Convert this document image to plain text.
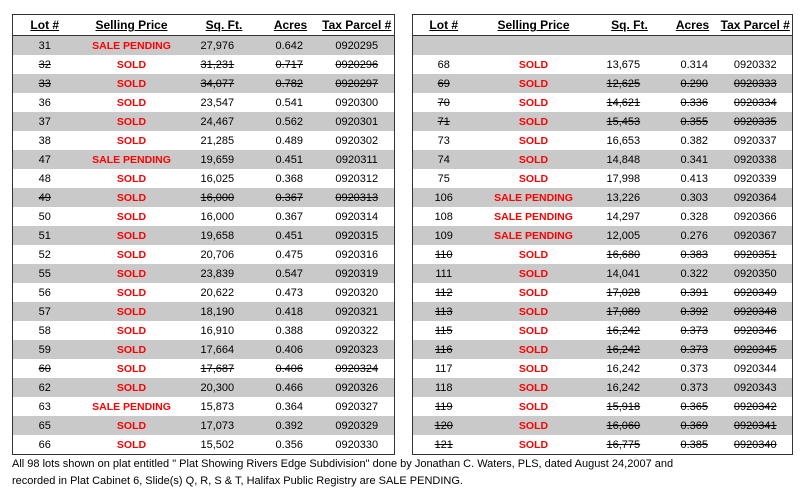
Lot #	Selling Price	Sq. Ft.	Acres	Tax Parcel #
31	SALE PENDING	27,976	0.642	0920295
32	SOLD	31,231	0.717	0920296
33	SOLD	34,077	0.782	0920297
36	SOLD	23,547	0.541	0920300
37	SOLD	24,467	0.562	0920301
38	SOLD	21,285	0.489	0920302
47	SALE PENDING	19,659	0.451	0920311
48	SOLD	16,025	0.368	0920312
49	SOLD	16,000	0.367	0920313
50	SOLD	16,000	0.367	0920314
51	SOLD	19,658	0.451	0920315
52	SOLD	20,706	0.475	0920316
55	SOLD	23,839	0.547	0920319
56	SOLD	20,622	0.473	0920320
57	SOLD	18,190	0.418	0920321
58	SOLD	16,910	0.388	0920322
59	SOLD	17,664	0.406	0920323
60	SOLD	17,687	0.406	0920324
62	SOLD	20,300	0.466	0920326
63	SALE PENDING	15,873	0.364	0920327
65	SOLD	17,073	0.392	0920329
66	SOLD	15,502	0.356	0920330
Lot #	Selling Price	Sq. Ft.	Acres	Tax Parcel #

68	SOLD	13,675	0.314	0920332
69	SOLD	12,625	0.290	0920333
70	SOLD	14,621	0.336	0920334
71	SOLD	15,453	0.355	0920335
73	SOLD	16,653	0.382	0920337
74	SOLD	14,848	0.341	0920338
75	SOLD	17,998	0.413	0920339
106	SALE PENDING	13,226	0.303	0920364
108	SALE PENDING	14,297	0.328	0920366
109	SALE PENDING	12,005	0.276	0920367
110	SOLD	16,680	0.383	0920351
111	SOLD	14,041	0.322	0920350
112	SOLD	17,028	0.391	0920349
113	SOLD	17,089	0.392	0920348
115	SOLD	16,242	0.373	0920346
116	SOLD	16,242	0.373	0920345
117	SOLD	16,242	0.373	0920344
118	SOLD	16,242	0.373	0920343
119	SOLD	15,918	0.365	0920342
120	SOLD	16,060	0.369	0920341
121	SOLD	16,775	0.385	0920340

All 98 lots shown on plat entitled " Plat Showing Rivers Edge Subdivision" done by Jonathan C. Waters, PLS, dated August 24,2007 and

recorded in Plat Cabinet 6, Slide(s) Q, R, S & T, Halifax Public Registry are SALE PENDING.
